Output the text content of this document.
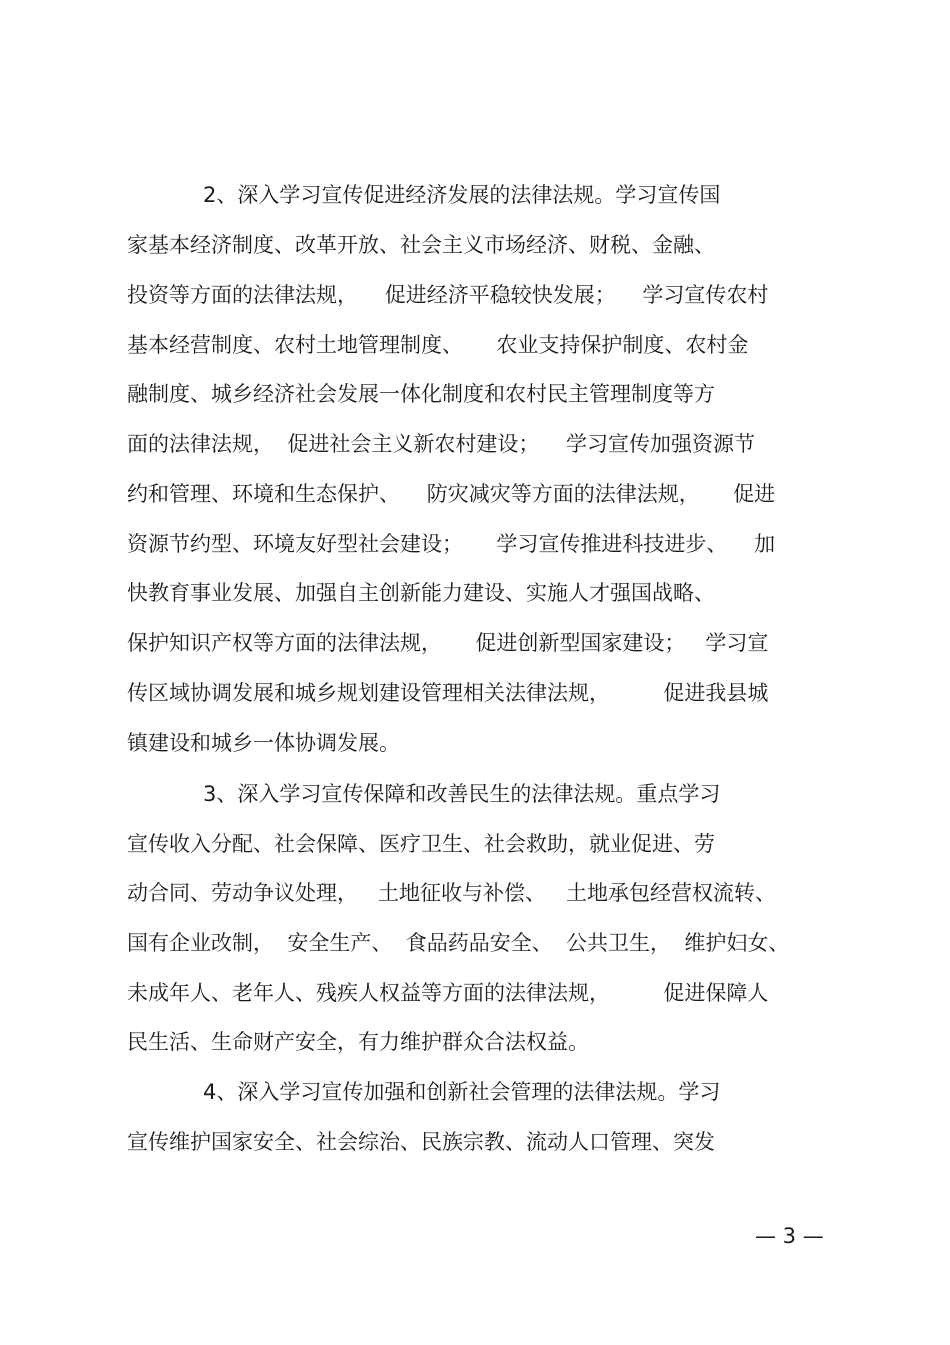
2、深入学习宣传促进经济发展的法律法规。学习宣传国

家基本经济制度、改革开放、社会主义市场经济、财税、金融、

投资等方面的法律法规，    促进经济平稳较快发展；    学习宣传农村

基本经营制度、农村土地管理制度、     农业支持保护制度、农村金

融制度、城乡经济社会发展一体化制度和农村民主管理制度等方

面的法律法规，  促进社会主义新农村建设；    学习宣传加强资源节

约和管理、环境和生态保护、    防灾减灾等方面的法律法规，     促进

资源节约型、环境友好型社会建设；     学习宣传推进科技进步、    加

快教育事业发展、加强自主创新能力建设、实施人才强国战略、

保护知识产权等方面的法律法规，     促进创新型国家建设；   学习宣

传区域协调发展和城乡规划建设管理相关法律法规，        促进我县城

镇建设和城乡一体协调发展。

3、深入学习宣传保障和改善民生的法律法规。重点学习

宣传收入分配、社会保障、医疗卫生、社会救助，就业促进、劳

动合同、劳动争议处理，   土地征收与补偿、   土地承包经营权流转、

国有企业改制，  安全生产、  食品药品安全、  公共卫生，  维护妇女、

未成年人、老年人、残疾人权益等方面的法律法规，        促进保障人

民生活、生命财产安全，有力维护群众合法权益。

4、深入学习宣传加强和创新社会管理的法律法规。学习

宣传维护国家安全、社会综治、民族宗教、流动人口管理、突发

— 3 —
